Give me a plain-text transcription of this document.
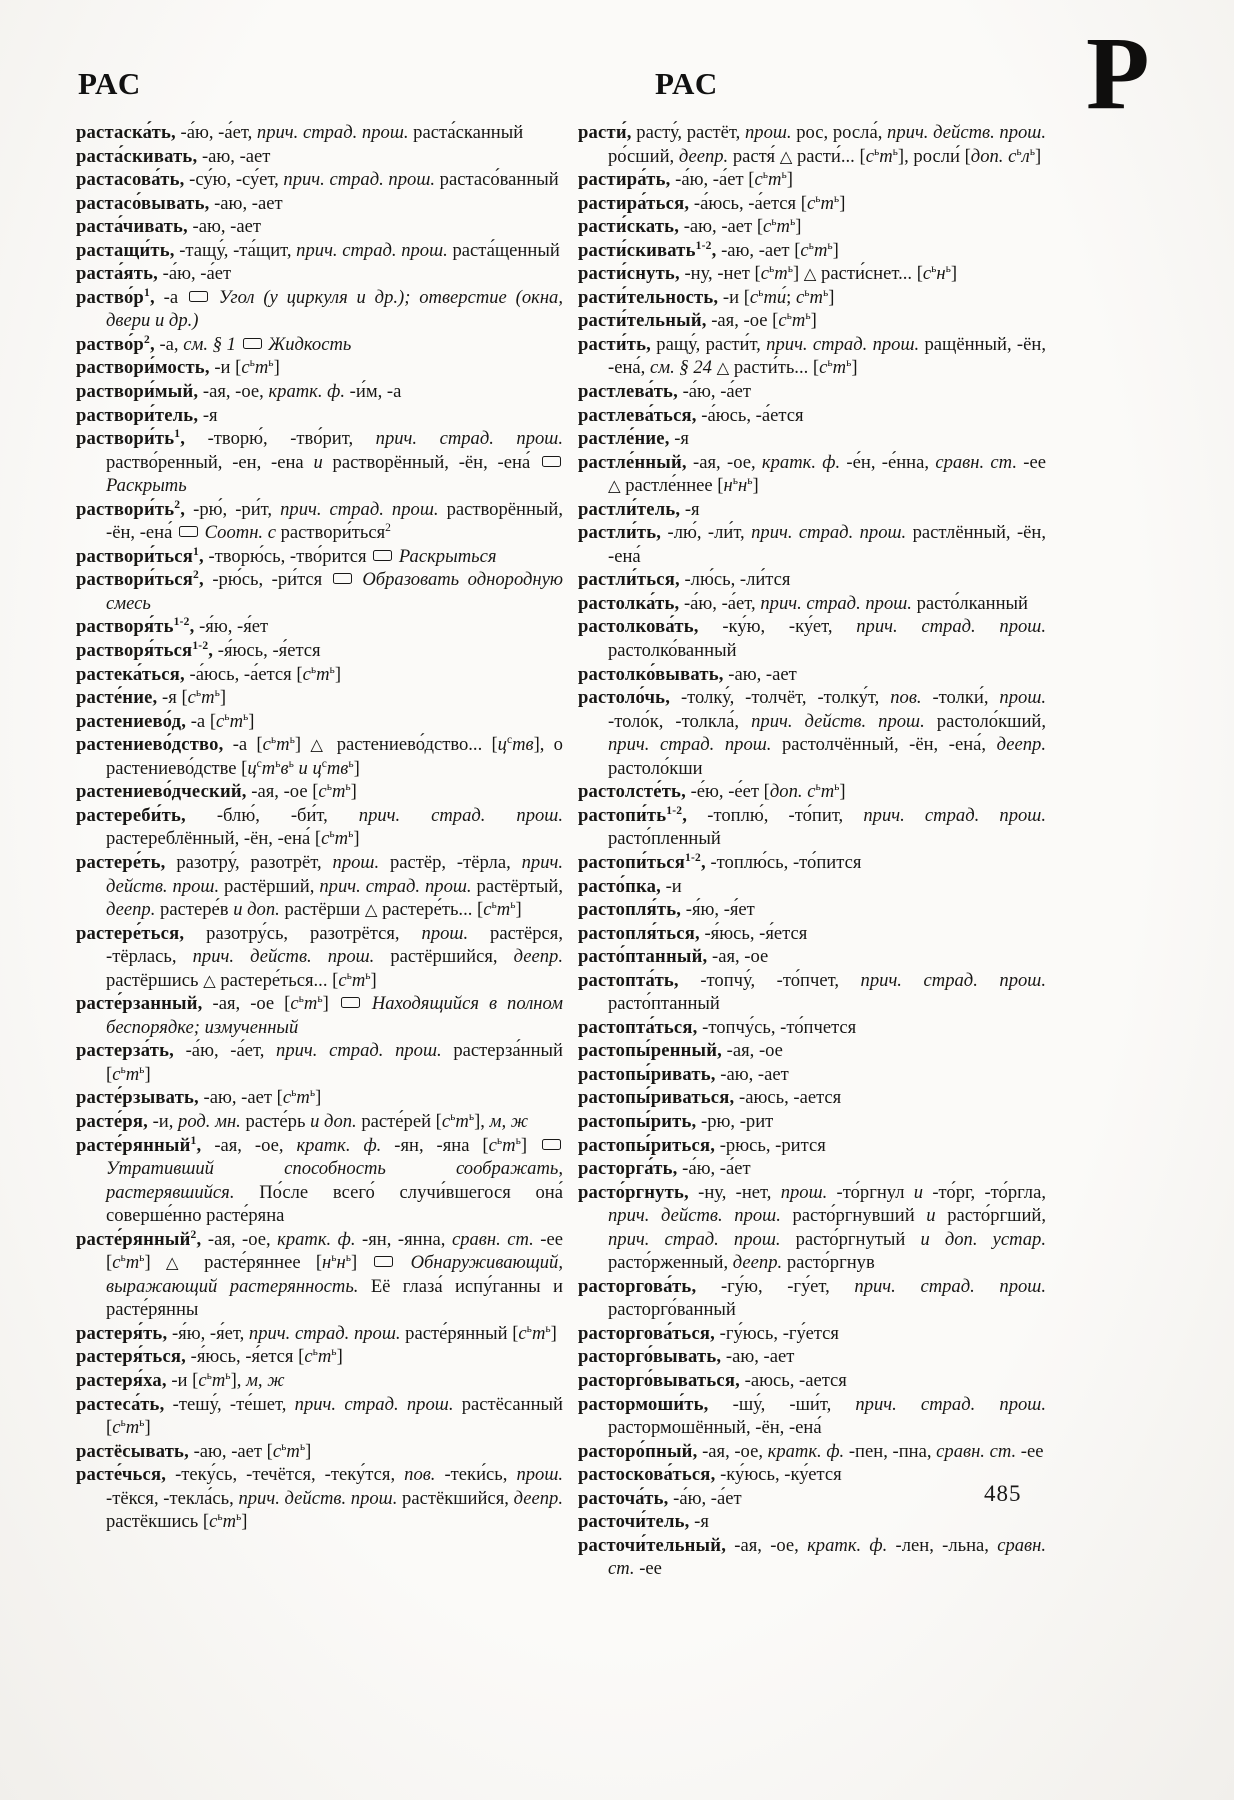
РАС	РАС	Р

растаска́ть, -а́ю, -а́ет, прич. страд. прош. раста́сканный

раста́скивать, -аю, -ает

растасова́ть, -су́ю, -су́ет, прич. страд. прош. растасо́ванный

растасо́вывать, -аю, -ает

раста́чивать, -аю, -ает

растащи́ть, -тащу́, -та́щит, прич. страд. прош. раста́щенный

раста́ять, -а́ю, -а́ет

$раство́р^1$, -а  Угол (у циркуля и др.); отверстие (окна, двери и др.)

$раство́р^2$, -а, см. § 1 Жидкость

раствори́мость, -и $[с^ьт^ь]$

раствори́мый, -ая, -ое, кратк. ф. -и́м, -а

раствори́тель, -я

$раствори́ть^1$, -творю́, -тво́рит, прич. страд. прош. раство́ренный, -ен, -ена и растворённый, -ён, -ена́  Раскрыть

$раствори́ть^2$, -рю́, -ри́т, прич. страд. прош. растворённый, -ён, -ена́  Соотн. с раствори́ться$^2$

раствори́ться$^1$, -творю́сь, -тво́рится  Раскрыться

раствори́ться$^2$, -рю́сь, -ри́тся  Образовать однородную смесь

$растворя́ть^{1-2}$, -я́ю, -я́ет

растворя́ться$^{1-2}$, -я́юсь, -я́ется

растека́ться, -а́юсь, -а́ется $[с^ьт^ь]$

расте́ние, -я $[с^ьт^ь]$

растениево́д, -а $[с^ьт^ь]$

растениево́дство, -а $[с^ьт^ь]$ △ растениево́дство... $[ц^ств]$, о растениево́дстве [$ц^ст^ьв^ь$ и $ц^ств^ь$]

растениево́дческий, -ая, -ое $[с^ьт^ь]$

растереби́ть, -блю́, -би́т, прич. страд. прош. растереблённый, -ён, -ена́ $[с^ьт^ь]$

растере́ть, разотру́, разотрёт, прош. растёр, -тёрла, прич. действ. прош. растёрший, прич. страд. прош. растёртый, деепр. растере́в и доп. растёрши △ растере́ть... $[с^ьт^ь]$

растере́ться, разотру́сь, разотрётся, прош. растёрся, -тёрлась, прич. действ. прош. растёршийся, деепр. растёршись △ растере́ться... $[с^ьт^ь]$

расте́рзанный, -ая, -ое $[с^ьт^ь]$  Находящийся в полном беспорядке; измученный

растерза́ть, -а́ю, -а́ет, прич. страд. прош. растерза́нный $[с^ьт^ь]$

расте́рзывать, -аю, -ает $[с^ьт^ь]$

расте́ря, -и, род. мн. расте́рь и доп. расте́рей $[с^ьт^ь]$, м, ж

расте́рянный$^1$, -ая, -ое, кратк. ф. -ян, -яна $[с^ьт^ь]$  Утративший способность соображать, растерявшийся. По́сле всего́ случи́вшегося она́ соверше́нно расте́ряна

расте́рянный$^2$, -ая, -ое, кратк. ф. -ян, -янна, сравн. ст. -ее $[с^ьт^ь]$ △ расте́ряннее $[н^ьн^ь]$  Обнаруживающий, выражающий растерянность. Её глаза́ испу́ганны и расте́рянны

растеря́ть, -я́ю, -я́ет, прич. страд. прош. расте́рянный $[с^ьт^ь]$

растеря́ться, -я́юсь, -я́ется $[с^ьт^ь]$

растеря́ха, -и $[с^ьт^ь]$, м, ж

растеса́ть, -тешу́, -те́шет, прич. страд. прош. растёсанный $[с^ьт^ь]$

растёсывать, -аю, -ает $[с^ьт^ь]$

расте́чься, -теку́сь, -течётся, -теку́тся, пов. -теки́сь, прош. -тёкся, -текла́сь, прич. действ. прош. растёкшийся, деепр. растёкшись $[с^ьт^ь]$

расти́, расту́, растёт, прош. рос, росла́, прич. действ. прош. ро́сший, деепр. растя́ △ расти́... $[с^ьт^ь]$, росли́ [доп. $с^ьл^ь$]

растира́ть, -а́ю, -а́ет $[с^ьт^ь]$

растира́ться, -а́юсь, -а́ется $[с^ьт^ь]$

расти́скать, -аю, -ает $[с^ьт^ь]$

расти́скивать$^{1-2}$, -аю, -ает $[с^ьт^ь]$

расти́снуть, -ну, -нет $[с^ьт^ь]$ △ расти́снет... $[с^ьн^ь]$

расти́тельность, -и [$с^ьти́$; $с^ьт^ь$]

расти́тельный, -ая, -ое $[с^ьт^ь]$

расти́ть, ращу́, расти́т, прич. страд. прош. ращённый, -ён, -ена́, см. § 24 △ расти́ть... $[с^ьт^ь]$

растлева́ть, -а́ю, -а́ет

растлева́ться, -а́юсь, -а́ется

растле́ние, -я

растле́нный, -ая, -ое, кратк. ф. -е́н, -е́нна, сравн. ст. -ее △ растле́ннее $[н^ьн^ь]$

растли́тель, -я

растли́ть, -лю́, -ли́т, прич. страд. прош. растлённый, -ён, -ена́

растли́ться, -лю́сь, -ли́тся

растолка́ть, -а́ю, -а́ет, прич. страд. прош. расто́лканный

растолкова́ть, -ку́ю, -ку́ет, прич. страд. прош. растолко́ванный

растолко́вывать, -аю, -ает

растоло́чь, -толку́, -толчёт, -толку́т, пов. -толки́, прош. -толо́к, -толкла́, прич. действ. прош. растоло́кший, прич. страд. прош. растолчённый, -ён, -ена́, деепр. растоло́кши

растолсте́ть, -е́ю, -е́ет [доп. $с^ьт^ь$]

$растопи́ть^{1-2}$, -топлю́, -то́пит, прич. страд. прош. расто́пленный

растопи́ться$^{1-2}$, -топлю́сь, -то́пится

расто́пка, -и

растопля́ть, -я́ю, -я́ет

растопля́ться, -я́юсь, -я́ется

расто́птанный, -ая, -ое

растопта́ть, -топчу́, -то́пчет, прич. страд. прош. расто́птанный

растопта́ться, -топчу́сь, -то́пчется

растопы́ренный, -ая, -ое

растопы́ривать, -аю, -ает

растопы́риваться, -аюсь, -ается

растопы́рить, -рю, -рит

растопы́риться, -рюсь, -рится

расторга́ть, -а́ю, -а́ет

расто́ргнуть, -ну, -нет, прош. -то́ргнул и -то́рг, -то́ргла, прич. действ. прош. расто́ргнувший и расто́ргший, прич. страд. прош. расто́ргнутый и доп. устар. расто́рженный, деепр. расто́ргнув

расторгова́ть, -гу́ю, -гу́ет, прич. страд. прош. расторго́ванный

расторгова́ться, -гу́юсь, -гу́ется

расторго́вывать, -аю, -ает

расторго́вываться, -аюсь, -ается

растормоши́ть, -шу́, -ши́т, прич. страд. прош. растормошённый, -ён, -ена́

расторо́пный, -ая, -ое, кратк. ф. -пен, -пна, сравн. ст. -ее

растоскова́ться, -ку́юсь, -ку́ется

расточа́ть, -а́ю, -а́ет

расточи́тель, -я

расточи́тельный, -ая, -ое, кратк. ф. -лен, -льна, сравн. ст. -ее

485
